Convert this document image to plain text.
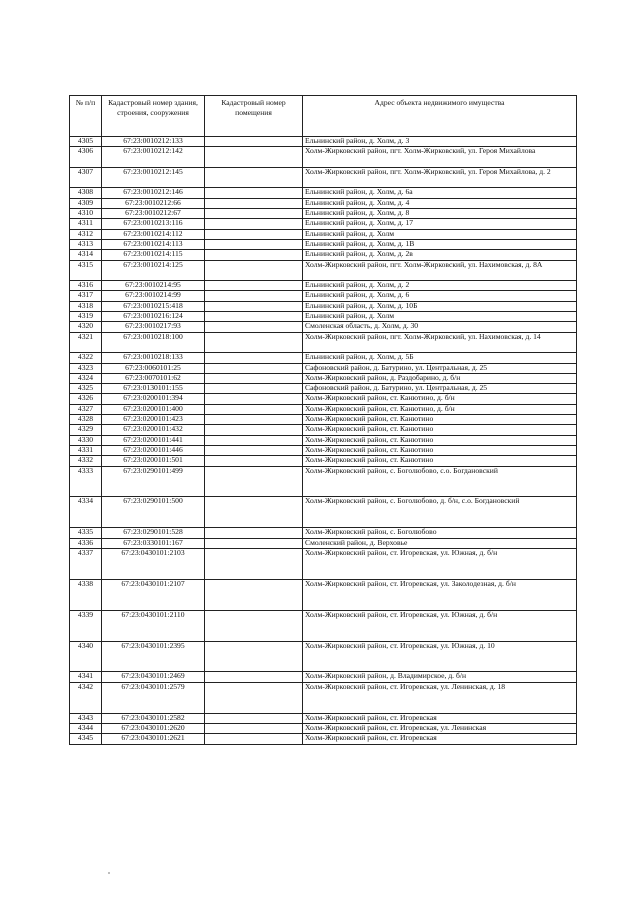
№ п/п	Кадастровый номер здания, строения, сооружения	Кадастровый номер помещения	Адрес объекта недвижимого имущества
4305	67:23:0010212:133		Ельнинский район, д. Холм, д. 3
4306	67:23:0010212:142		Холм-Жирковский район, пгт. Холм-Жирковский, ул. Героя Михайлова
4307	67:23:0010212:145		Холм-Жирковский район, пгт. Холм-Жирковский, ул. Героя Михайлова, д. 2
4308	67:23:0010212:146		Ельнинский район, д. Холм, д. 6а
4309	67:23:0010212:66		Ельнинский район, д. Холм, д. 4
4310	67:23:0010212:67		Ельнинский район, д. Холм, д. 8
4311	67:23:0010213:116		Ельнинский район, д. Холм, д. 17
4312	67:23:0010214:112		Ельнинский район, д. Холм
4313	67:23:0010214:113		Ельнинский район, д. Холм, д. 1В
4314	67:23:0010214:115		Ельнинский район, д. Холм, д. 2в
4315	67:23:0010214:125		Холм-Жирковский район, пгт. Холм-Жирковский, ул. Нахимовская, д. 8А
4316	67:23:0010214:95		Ельнинский район, д. Холм, д. 2
4317	67:23:0010214:99		Ельнинский район, д. Холм, д. 6
4318	67:23:0010215:418		Ельнинский район, д. Холм, д. 10Б
4319	67:23:0010216:124		Ельнинский район, д. Холм
4320	67:23:0010217:93		Смоленская область, д. Холм, д. 30
4321	67:23:0010218:100		Холм-Жирковский район, пгт. Холм-Жирковский, ул. Нахимовская, д. 14
4322	67:23:0010218:133		Ельнинский район, д. Холм, д. 5Б
4323	67:23:0060101:25		Сафоновский район, д. Батурино, ул. Центральная, д. 25
4324	67:23:0070101:62		Холм-Жирковский район, д. Раздобарино, д. б/н
4325	67:23:0130101:155		Сафоновский район, д. Батурино, ул. Центральная, д. 25
4326	67:23:0200101:394		Холм-Жирковский район, ст. Канютино, д. б/н
4327	67:23:0200101:400		Холм-Жирковский район, ст. Канютино, д. б/н
4328	67:23:0200101:423		Холм-Жирковский район, ст. Канютино
4329	67:23:0200101:432		Холм-Жирковский район, ст. Канютино
4330	67:23:0200101:441		Холм-Жирковский район, ст. Канютино
4331	67:23:0200101:446		Холм-Жирковский район, ст. Канютино
4332	67:23:0200101:501		Холм-Жирковский район, ст. Канютино
4333	67:23:0290101:499		Холм-Жирковский район, с. Боголюбово, с.о. Богдановский
4334	67:23:0290101:500		Холм-Жирковский район, с. Боголюбово, д. б/н, с.о. Богдановский
4335	67:23:0290101:528		Холм-Жирковский район, с. Боголюбово
4336	67:23:0330101:167		Смоленский район, д. Верховье
4337	67:23:0430101:2103		Холм-Жирковский район, ст. Игоревская, ул. Южная, д. б/н
4338	67:23:0430101:2107		Холм-Жирковский район, ст. Игоревская, ул. Заколодезная, д. б/н
4339	67:23:0430101:2110		Холм-Жирковский район, ст. Игоревская, ул. Южная, д. б/н
4340	67:23:0430101:2395		Холм-Жирковский район, ст. Игоревская, ул. Южная, д. 10
4341	67:23:0430101:2469		Холм-Жирковский район, д. Владимирское, д. б/н
4342	67:23:0430101:2579		Холм-Жирковский район, ст. Игоревская, ул. Ленинская, д. 18
4343	67:23:0430101:2582		Холм-Жирковский район, ст. Игоревская
4344	67:23:0430101:2620		Холм-Жирковский район, ст. Игоревская, ул. Ленинская
4345	67:23:0430101:2621		Холм-Жирковский район, ст. Игоревская
